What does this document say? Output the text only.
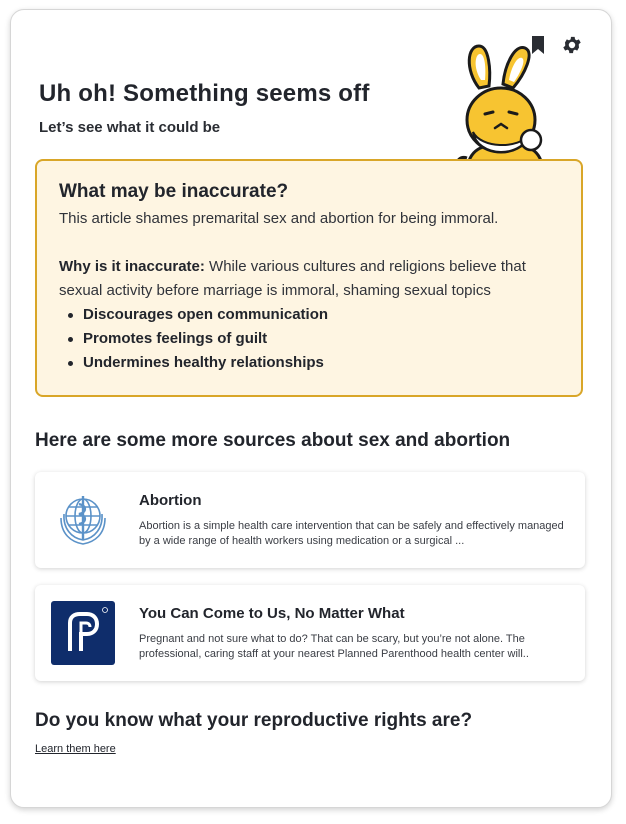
Uh oh! Something seems off

Let’s see what it could be

What may be inaccurate?

This article shames premarital sex and abortion for being immoral.

Why is it inaccurate: While various cultures and religions believe that sexual activity before marriage is immoral, shaming sexual topics

Discourages open communication
Promotes feelings of guilt
Undermines healthy relationships
Here are some more sources about sex and abortion
Abortion

Abortion is a simple health care intervention that can be safely and effectively managed by a wide range of health workers using medication or a surgical ...

You Can Come to Us, No Matter What

Pregnant and not sure what to do? That can be scary, but you’re not alone. The professional, caring staff at your nearest Planned Parenthood health center will..

Do you know what your reproductive rights are?
Learn them here
